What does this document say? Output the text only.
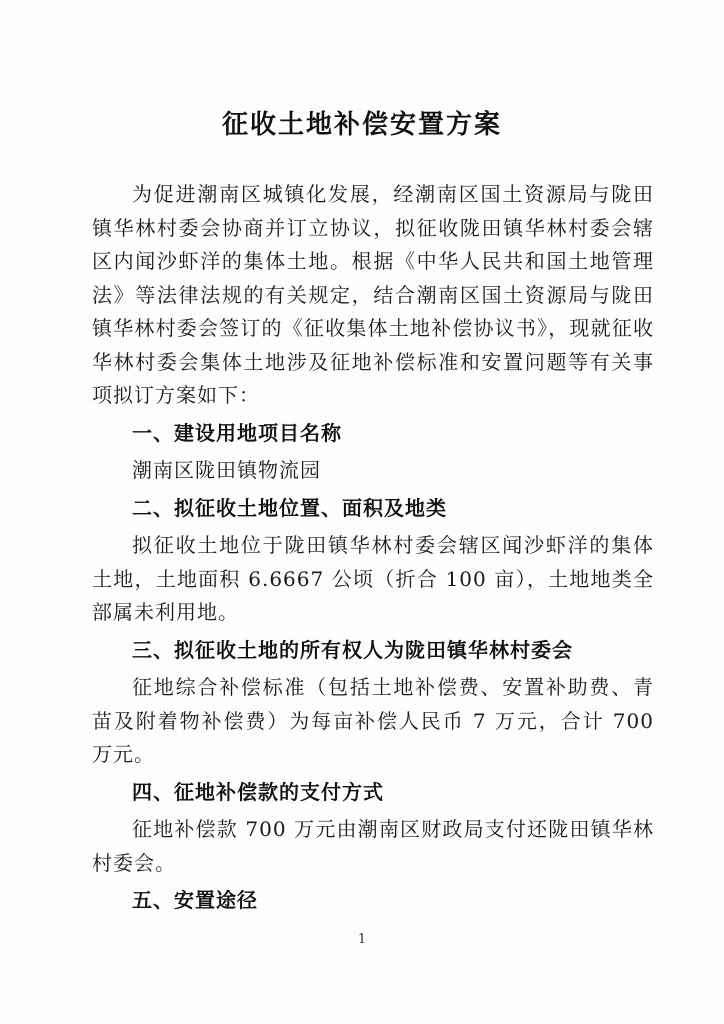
征收土地补偿安置方案

为促进潮南区城镇化发展，经潮南区国土资源局与陇田镇华林村委会协商并订立协议，拟征收陇田镇华林村委会辖区内闻沙虾洋的集体土地。根据《中华人民共和国土地管理法》等法律法规的有关规定，结合潮南区国土资源局与陇田镇华林村委会签订的《征收集体土地补偿协议书》，现就征收华林村委会集体土地涉及征地补偿标准和安置问题等有关事项拟订方案如下：

一、建设用地项目名称

潮南区陇田镇物流园

二、拟征收土地位置、面积及地类

拟征收土地位于陇田镇华林村委会辖区闻沙虾洋的集体土地，土地面积 6.6667 公顷（折合 100 亩），土地地类全部属未利用地。

三、拟征收土地的所有权人为陇田镇华林村委会

征地综合补偿标准（包括土地补偿费、安置补助费、青苗及附着物补偿费）为每亩补偿人民币 7 万元，合计 700 万元。

四、征地补偿款的支付方式

征地补偿款 700 万元由潮南区财政局支付还陇田镇华林村委会。

五、安置途径

1
